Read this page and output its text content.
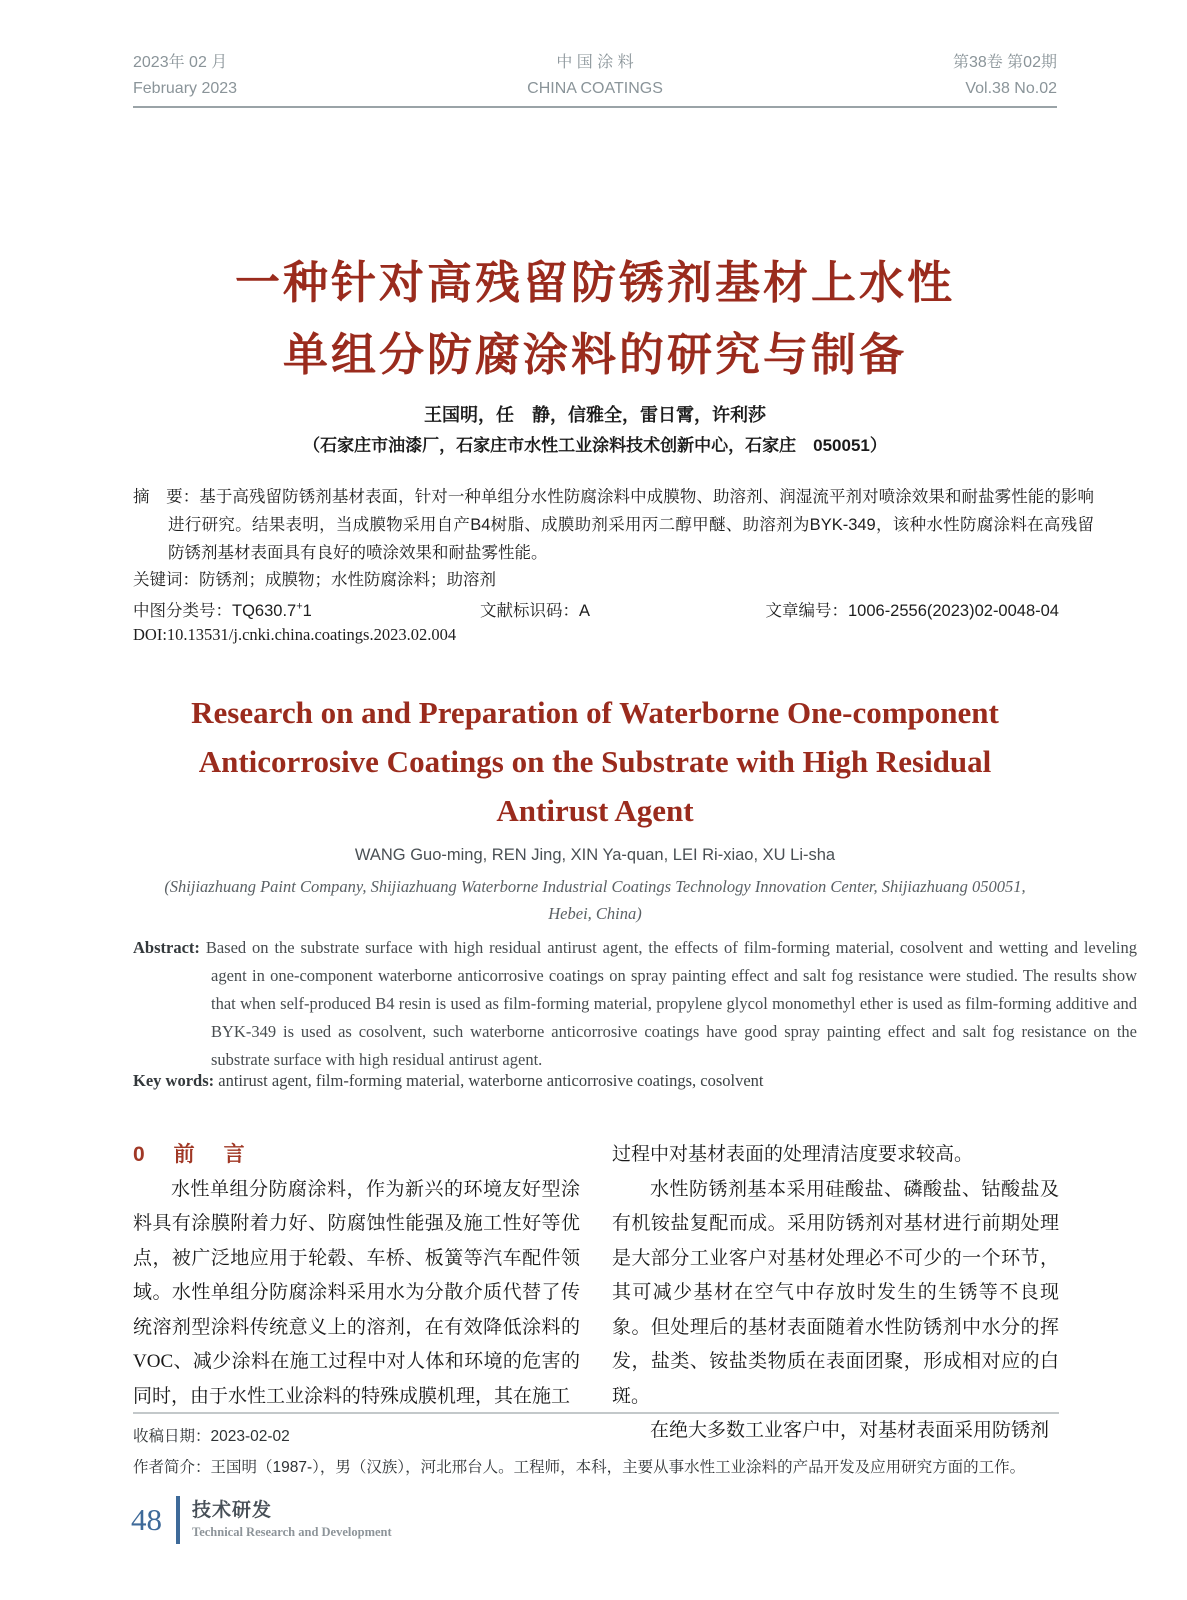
2023年 02 月
February 2023
中 国 涂 料
CHINA COATINGS
第38卷 第02期
Vol.38 No.02
一种针对高残留防锈剂基材上水性
单组分防腐涂料的研究与制备
王国明，任　静，信雅全，雷日霄，许利莎
（石家庄市油漆厂，石家庄市水性工业涂料技术创新中心，石家庄　050051）
摘　要：基于高残留防锈剂基材表面，针对一种单组分水性防腐涂料中成膜物、助溶剂、润湿流平剂对喷涂效果和耐盐雾性能的影响进行研究。结果表明，当成膜物采用自产B4树脂、成膜助剂采用丙二醇甲醚、助溶剂为BYK-349，该种水性防腐涂料在高残留防锈剂基材表面具有良好的喷涂效果和耐盐雾性能。
关键词：防锈剂；成膜物；水性防腐涂料；助溶剂
中图分类号：TQ630.7+1	文献标识码：A	文章编号：1006-2556(2023)02-0048-04
DOI:10.13531/j.cnki.china.coatings.2023.02.004
Research on and Preparation of Waterborne One-component
Anticorrosive Coatings on the Substrate with High Residual
Antirust Agent
WANG Guo-ming, REN Jing, XIN Ya-quan, LEI Ri-xiao, XU Li-sha
(Shijiazhuang Paint Company, Shijiazhuang Waterborne Industrial Coatings Technology Innovation Center, Shijiazhuang 050051,
Hebei, China)
Abstract: Based on the substrate surface with high residual antirust agent, the effects of film-forming material, cosolvent and wetting and leveling agent in one-component waterborne anticorrosive coatings on spray painting effect and salt fog resistance were studied. The results show that when self-produced B4 resin is used as film-forming material, propylene glycol monomethyl ether is used as film-forming additive and BYK-349 is used as cosolvent, such waterborne anticorrosive coatings have good spray painting effect and salt fog resistance on the substrate surface with high residual antirust agent.
Key words: antirust agent, film-forming material, waterborne anticorrosive coatings, cosolvent
0　前　言

水性单组分防腐涂料，作为新兴的环境友好型涂料具有涂膜附着力好、防腐蚀性能强及施工性好等优点，被广泛地应用于轮毂、车桥、板簧等汽车配件领域。水性单组分防腐涂料采用水为分散介质代替了传统溶剂型涂料传统意义上的溶剂，在有效降低涂料的VOC、减少涂料在施工过程中对人体和环境的危害的同时，由于水性工业涂料的特殊成膜机理，其在施工

过程中对基材表面的处理清洁度要求较高。

水性防锈剂基本采用硅酸盐、磷酸盐、钴酸盐及有机铵盐复配而成。采用防锈剂对基材进行前期处理是大部分工业客户对基材处理必不可少的一个环节，其可减少基材在空气中存放时发生的生锈等不良现象。但处理后的基材表面随着水性防锈剂中水分的挥发，盐类、铵盐类物质在表面团聚，形成相对应的白斑。

在绝大多数工业客户中，对基材表面采用防锈剂

收稿日期：2023-02-02
作者简介：王国明（1987-），男（汉族），河北邢台人。工程师，本科，主要从事水性工业涂料的产品开发及应用研究方面的工作。
48 技术研发
Technical Research and Development
